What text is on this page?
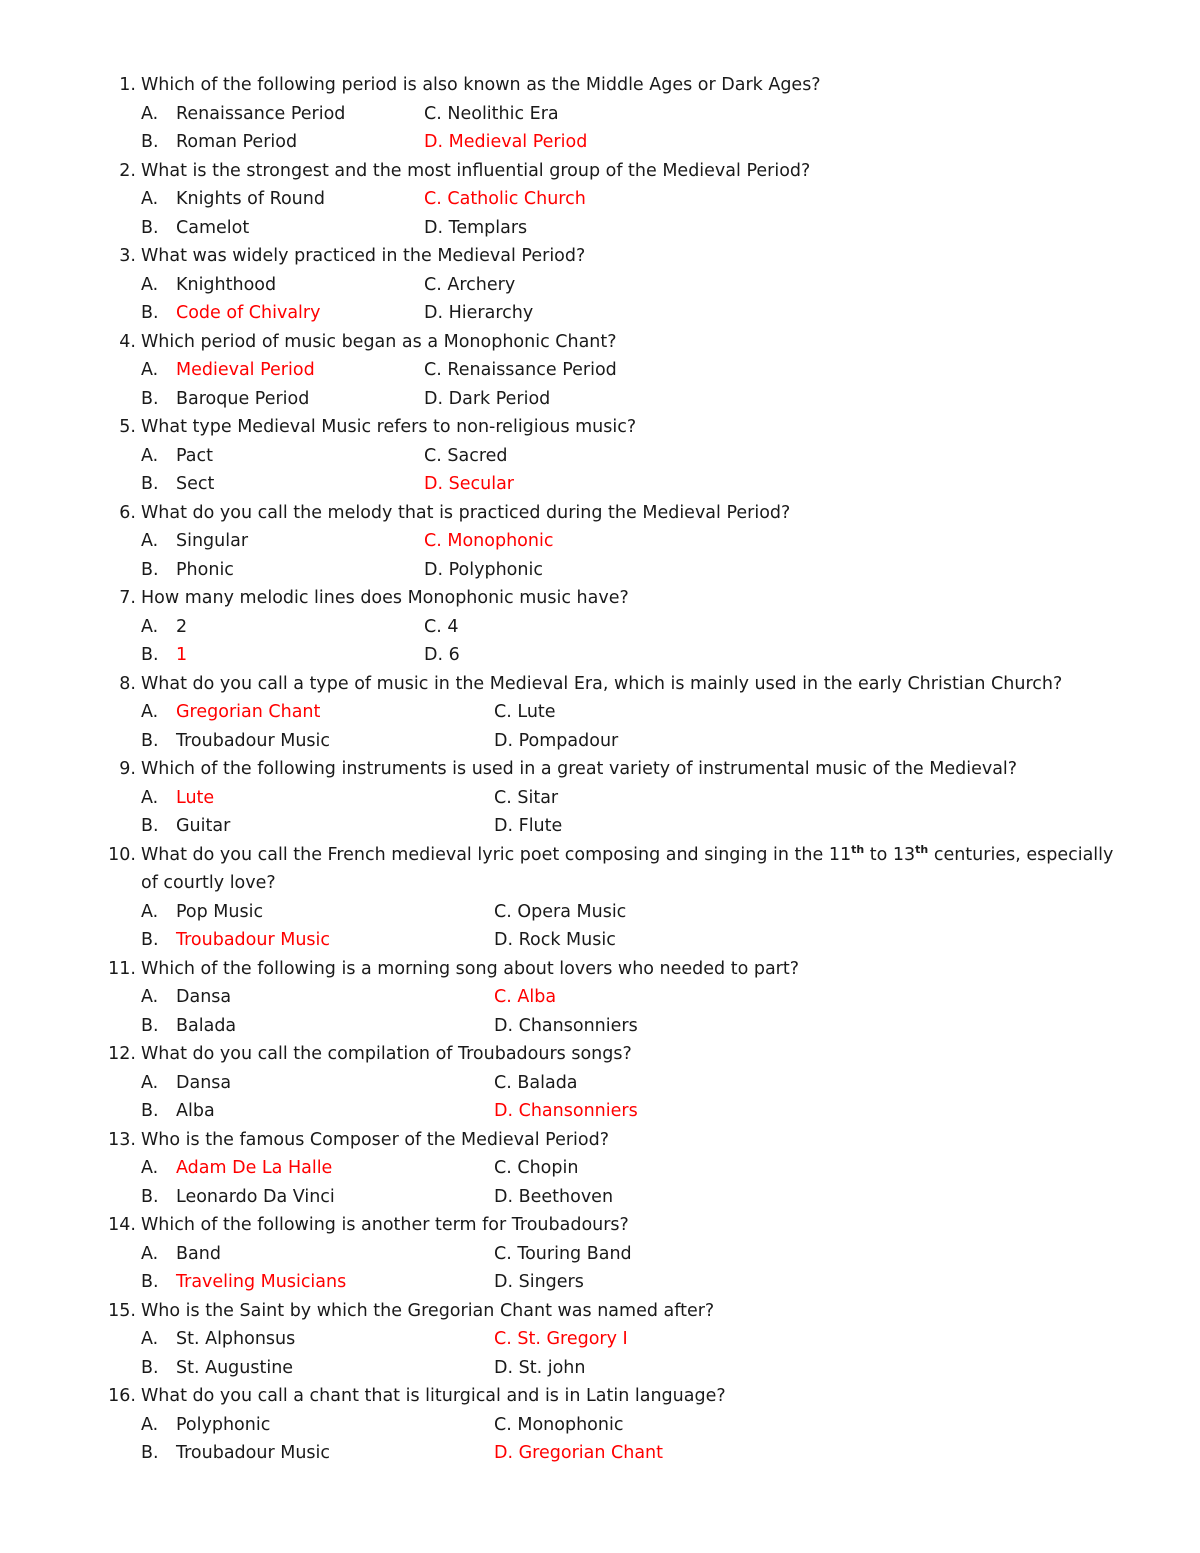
1. Which of the following period is also known as the Middle Ages or Dark Ages?
A. Renaissance Period	C. Neolithic Era
B. Roman Period	D. Medieval Period
2. What is the strongest and the most influential group of the Medieval Period?
A. Knights of Round	C. Catholic Church
B. Camelot	D. Templars
3. What was widely practiced in the Medieval Period?
A. Knighthood	C. Archery
B. Code of Chivalry	D. Hierarchy
4. Which period of music began as a Monophonic Chant?
A. Medieval Period	C. Renaissance Period
B. Baroque Period	D. Dark Period
5. What type Medieval Music refers to non-religious music?
A. Pact	C. Sacred
B. Sect	D. Secular
6. What do you call the melody that is practiced during the Medieval Period?
A. Singular	C. Monophonic
B. Phonic	D. Polyphonic
7. How many melodic lines does Monophonic music have?
A. 2	C. 4
B. 1	D. 6
8. What do you call a type of music in the Medieval Era, which is mainly used in the early Christian Church?
A. Gregorian Chant	C. Lute
B. Troubadour Music	D. Pompadour
9. Which of the following instruments is used in a great variety of instrumental music of the Medieval?
A. Lute	C. Sitar
B. Guitar	D. Flute
10. What do you call the French medieval lyric poet composing and singing in the 11th to 13th centuries, especially of courtly love?
A. Pop Music	C. Opera Music
B. Troubadour Music	D. Rock Music
11. Which of the following is a morning song about lovers who needed to part?
A. Dansa	C. Alba
B. Balada	D. Chansonniers
12. What do you call the compilation of Troubadours songs?
A. Dansa	C. Balada
B. Alba	D. Chansonniers
13. Who is the famous Composer of the Medieval Period?
A. Adam De La Halle	C. Chopin
B. Leonardo Da Vinci	D. Beethoven
14. Which of the following is another term for Troubadours?
A. Band	C. Touring Band
B. Traveling Musicians	D. Singers
15. Who is the Saint by which the Gregorian Chant was named after?
A. St. Alphonsus	C. St. Gregory I
B. St. Augustine	D. St. john
16. What do you call a chant that is liturgical and is in Latin language?
A. Polyphonic	C. Monophonic
B. Troubadour Music	D. Gregorian Chant
